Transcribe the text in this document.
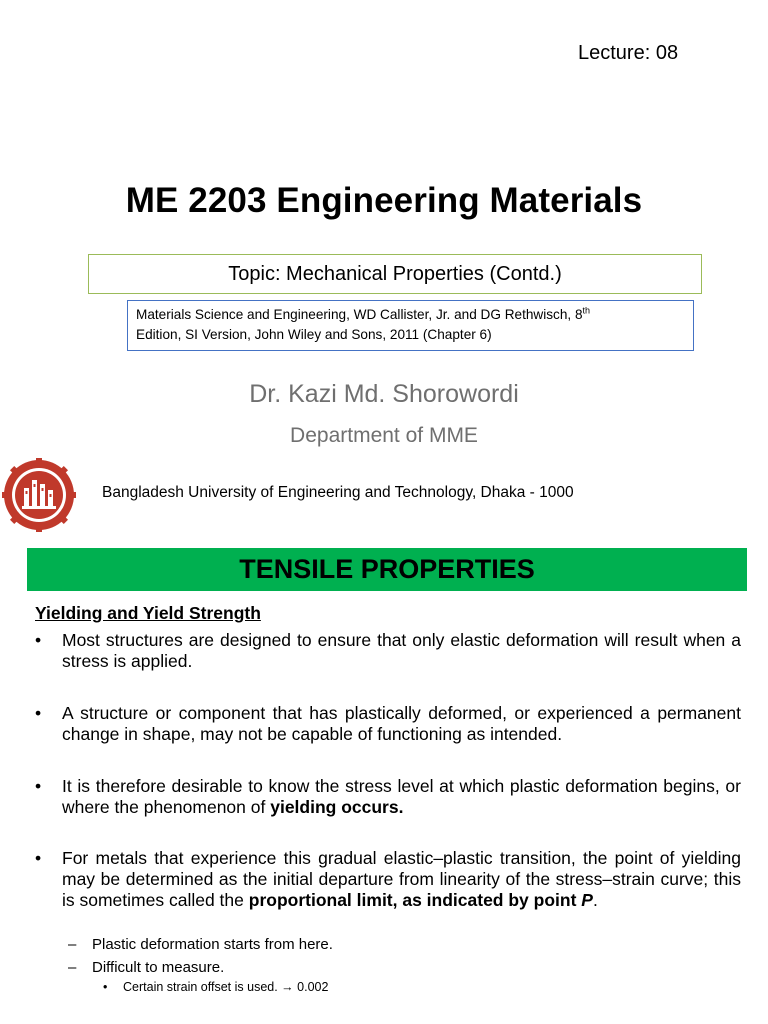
Lecture: 08
ME 2203 Engineering Materials
Topic: Mechanical Properties (Contd.)
Materials Science and Engineering, WD Callister, Jr. and DG Rethwisch, 8th
Edition, SI Version, John Wiley and Sons, 2011 (Chapter 6)
Dr. Kazi Md. Shorowordi
Department of MME
Bangladesh University of Engineering and Technology, Dhaka - 1000
TENSILE PROPERTIES
Yielding and Yield Strength
• Most structures are designed to ensure that only elastic deformation will result when a stress is applied.
• A structure or component that has plastically deformed, or experienced a permanent change in shape, may not be capable of functioning as intended.
• It is therefore desirable to know the stress level at which plastic deformation begins, or where the phenomenon of yielding occurs.
• For metals that experience this gradual elastic–plastic transition, the point of yielding may be determined as the initial departure from linearity of the stress–strain curve; this is sometimes called the proportional limit, as indicated by point P.
– Plastic deformation starts from here.
– Difficult to measure.
• Certain strain offset is used. → 0.002
